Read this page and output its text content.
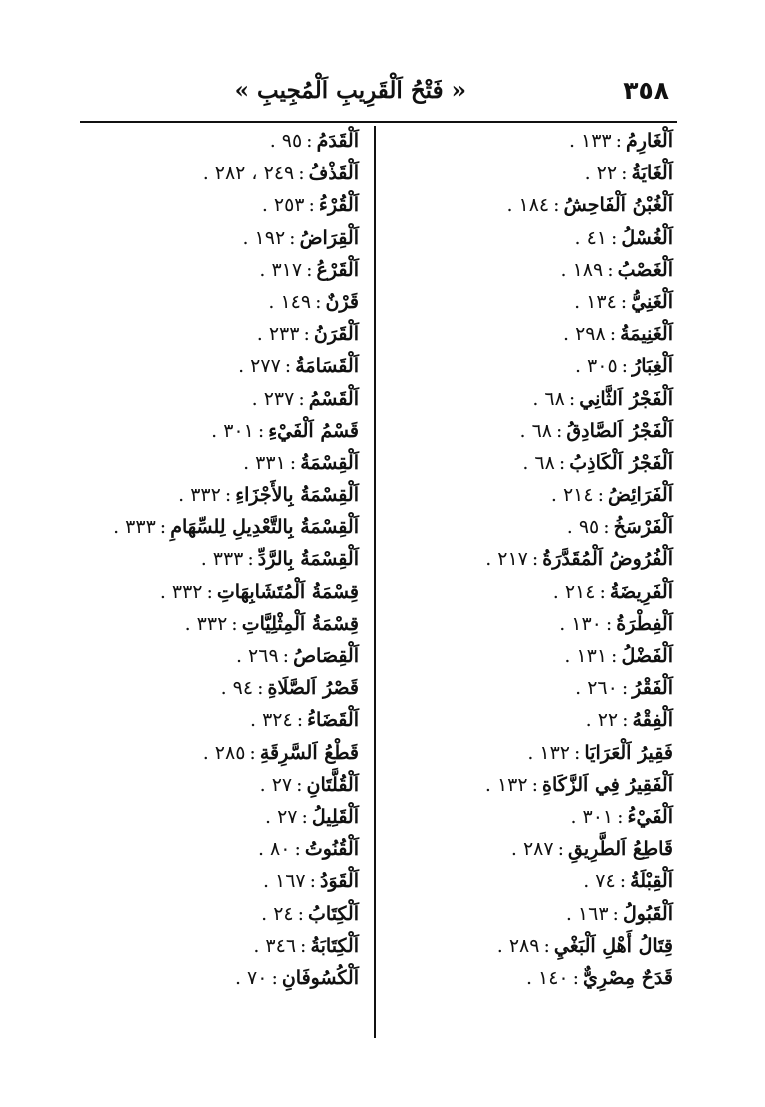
٣٥٨
« فَتْحُ اَلْقَرِيبِ اَلْمُجِيبِ »
اَلْغَارِمُ:١٣٣.
اَلْغَايَةُ:٢٢.
اَلْغُبْنُ اَلْفَاحِشُ:١٨٤.
اَلْغُسْلُ:٤١.
اَلْغَصْبُ:١٨٩.
اَلْغَنِيُّ:١٣٤.
اَلْغَنِيمَةُ:٢٩٨.
اَلْغِبَارُ:٣٠٥.
اَلْفَجْرُ اَلثَّانِي:٦٨.
اَلْفَجْرُ اَلصَّادِقُ:٦٨.
اَلْفَجْرُ اَلْكَاذِبُ:٦٨.
اَلْفَرَائِضُ:٢١٤.
اَلْفَرْسَخُ:٩٥.
اَلْفُرُوضُ اَلْمُقَدَّرَةُ:٢١٧.
اَلْفَرِيضَةُ:٢١٤.
اَلْفِطْرَةُ:١٣٠.
اَلْفَضْلُ:١٣١.
اَلْفَقْرُ:٢٦٠.
اَلْفِقْهُ:٢٢.
فَقِيرُ اَلْعَرَايَا:١٣٢.
اَلْفَقِيرُ فِي اَلزَّكَاةِ:١٣٢.
اَلْفَيْءُ:٣٠١.
قَاطِعُ اَلطَّرِيقِ:٢٨٧.
اَلْقِبْلَةُ:٧٤.
اَلْقَبُولُ:١٦٣.
قِتَالُ أَهْلِ اَلْبَغْيِ:٢٨٩.
قَدَحٌ مِصْرِيٌّ:١٤٠.
اَلْقَدَمُ:٩٥.
اَلْقَذْفُ:٢٤٩ ، ٢٨٢.
اَلْقُرْءُ:٢٥٣.
اَلْقِرَاضُ:١٩٢.
اَلْقَرْعُ:٣١٧.
قَرْنٌ:١٤٩.
اَلْقَرَنُ:٢٣٣.
اَلْقَسَامَةُ:٢٧٧.
اَلْقَسْمُ:٢٣٧.
قَسْمُ اَلْفَيْءِ:٣٠١.
اَلْقِسْمَةُ:٣٣١.
اَلْقِسْمَةُ بِالأَجْزَاءِ:٣٣٢.
اَلْقِسْمَةُ بِالتَّعْدِيلِ لِلسِّهَامِ:٣٣٣.
اَلْقِسْمَةُ بِالرَّدِّ:٣٣٣.
قِسْمَةُ اَلْمُتَشَابِهَاتِ:٣٣٢.
قِسْمَةُ اَلْمِثْلِيَّاتِ:٣٣٢.
اَلْقِصَاصُ:٢٦٩.
قَصْرُ اَلصَّلَاةِ:٩٤.
اَلْقَضَاءُ:٣٢٤.
قَطْعُ اَلسَّرِقَةِ:٢٨٥.
اَلْقُلَّتَانِ:٢٧.
اَلْقَلِيلُ:٢٧.
اَلْقُنُوتُ:٨٠.
اَلْقَوَدُ:١٦٧.
اَلْكِتَابُ:٢٤.
اَلْكِتَابَةُ:٣٤٦.
اَلْكُسُوفَانِ:٧٠.
